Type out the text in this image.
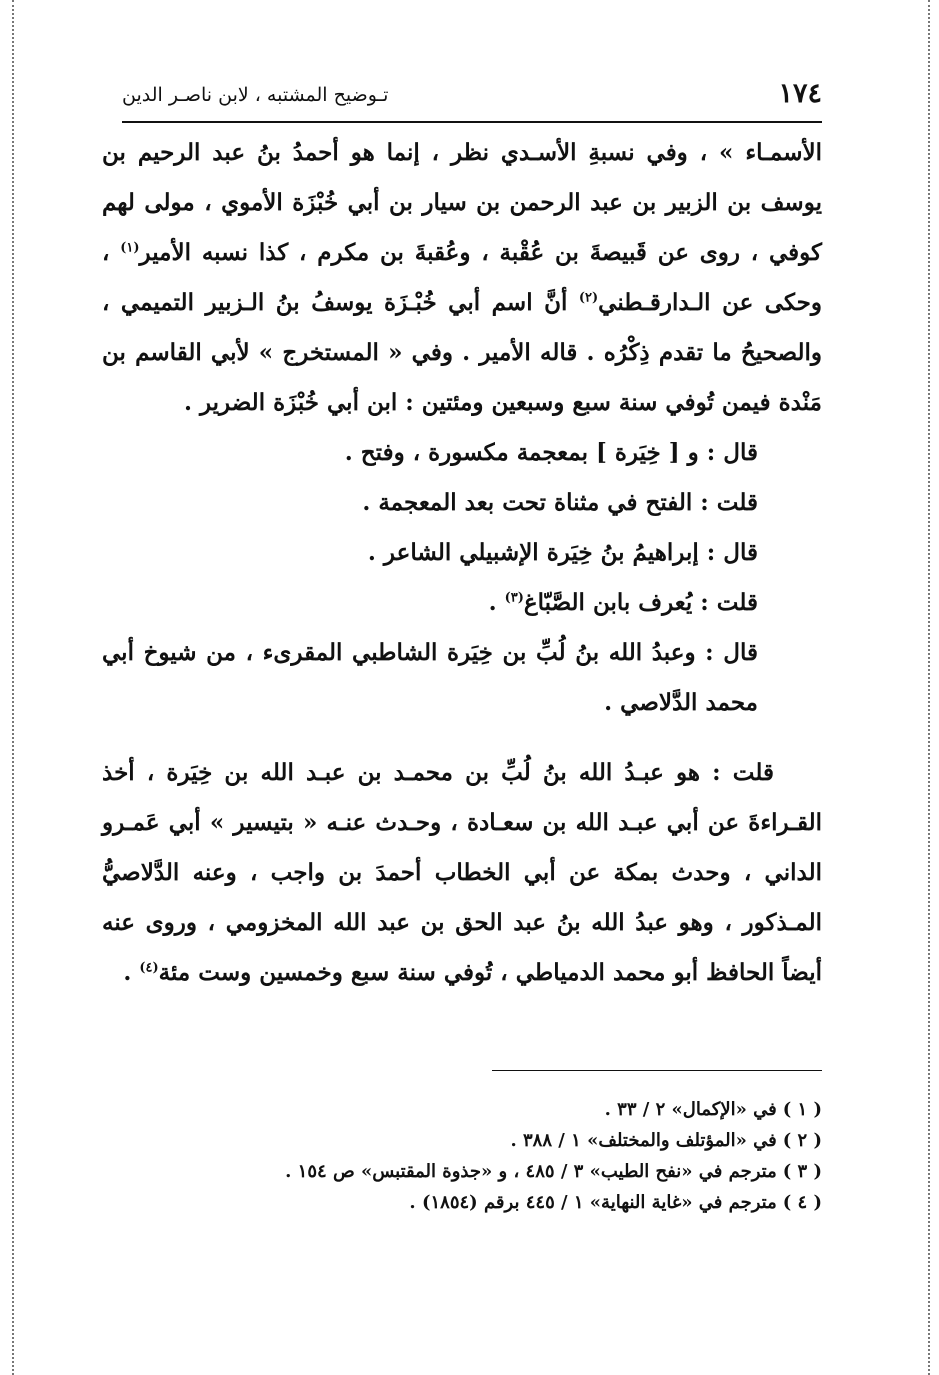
١٧٤
تـوضيح المشتبه ، لابن ناصـر الدين

الأسمـاء » ، وفي نسبةِ الأسـدي نظر ، إنما هو أحمدُ بنُ عبد الرحيم بن يوسف بن الزبير بن عبد الرحمن بن سيار بن أبي خُبْزَة الأموي ، مولى لهم كوفي ، روى عن قَبيصةَ بن عُقْبة ، وعُقبةَ بن مكرم ، كذا نسبه الأمير$^{(١)}$ ، وحكى عن الـدارقـطني$^{(٢)}$ أنَّ اسم أبي خُبْـزَة يوسفُ بنُ الـزبير التميمي ، والصحيحُ ما تقدم ذِكْرُه . قاله الأمير . وفي « المستخرج » لأبي القاسم بن مَنْدة فيمن تُوفي سنة سبع وسبعين ومئتين : ابن أبي خُبْزَة الضرير .

قال : و [ خِيَرة ] بمعجمة مكسورة ، وفتح .

قلت : الفتح في مثناة تحت بعد المعجمة .

قال : إبراهيمُ بنُ خِيَرة الإشبيلي الشاعر .

قلت : يُعرف بابن الصَّبّاغ$^{(٣)}$ .

قال : وعبدُ الله بنُ لُبِّ بن خِيَرة الشاطبي المقرىء ، من شيوخ أبي محمد الدَّلاصي .

قلت : هو عبـدُ الله بنُ لُبِّ بن محمـد بن عبـد الله بن خِيَرة ، أخذ القـراءةَ عن أبي عبـد الله بن سعـادة ، وحـدث عنـه « بتيسير » أبي عَمـرو الداني ، وحدث بمكة عن أبي الخطاب أحمدَ بن واجب ، وعنه الدَّلاصيُّ المـذكور ، وهو عبدُ الله بنُ عبد الحق بن عبد الله المخزومي ، وروى عنه أيضاً الحافظ أبو محمد الدمياطي ، تُوفي سنة سبع وخمسين وست مئة$^{(٤)}$ .

( ١ )في «الإكمال» ٢ / ٣٣ .

( ٢ )في «المؤتلف والمختلف» ١ / ٣٨٨ .

( ٣ )مترجم في «نفح الطيب» ٣ / ٤٨٥ ، و «جذوة المقتبس» ص ١٥٤ .

( ٤ )مترجم في «غاية النهاية» ١ / ٤٤٥ برقم (١٨٥٤) .
